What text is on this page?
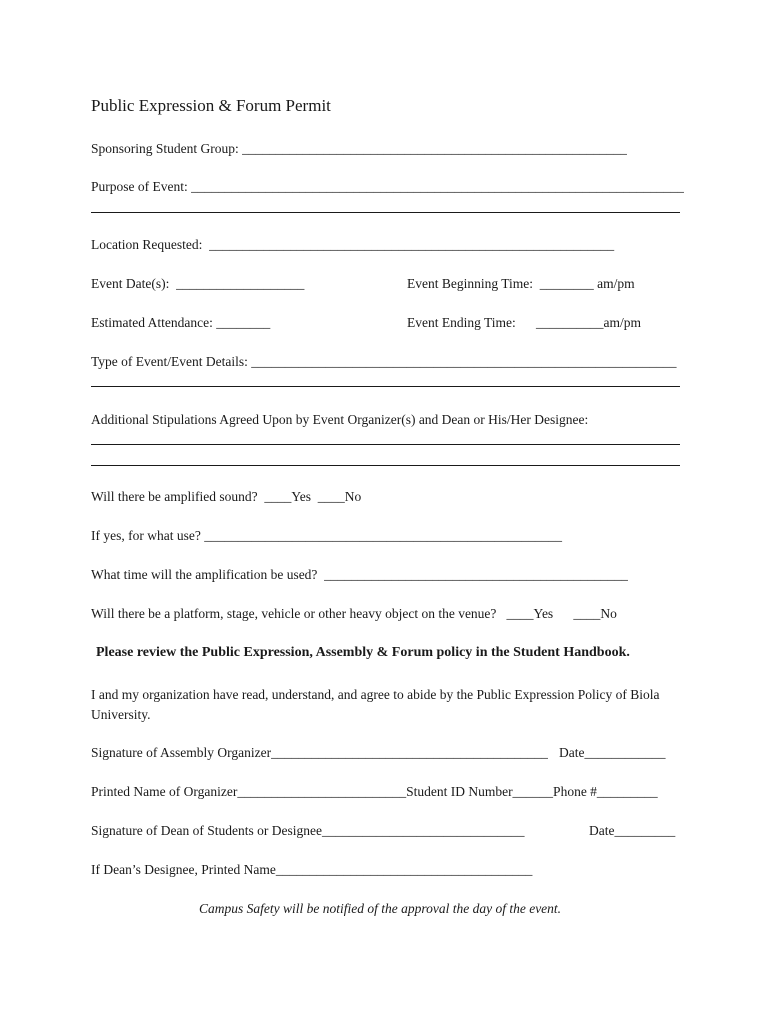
Public Expression & Forum Permit
Sponsoring Student Group: _________________________________________________________
Purpose of Event: _________________________________________________________________________
Location Requested:  ____________________________________________________________
Event Date(s):  ___________________	Event Beginning Time:  ________ am/pm
Estimated Attendance: ________	Event Ending Time:      __________am/pm
Type of Event/Event Details: _______________________________________________________________
Additional Stipulations Agreed Upon by Event Organizer(s) and Dean or His/Her Designee:
Will there be amplified sound?  ____Yes  ____No
If yes, for what use? _____________________________________________________
What time will the amplification be used?  _____________________________________________
Will there be a platform, stage, vehicle or other heavy object on the venue?   ____Yes      ____No
Please review the Public Expression, Assembly & Forum policy in the Student Handbook.
I and my organization have read, understand, and agree to abide by the Public Expression Policy of Biola
University.
Signature of Assembly Organizer_________________________________________ Date____________
Printed Name of Organizer_________________________Student ID Number______Phone #_________
Signature of Dean of Students or Designee______________________________	Date_________
If Dean’s Designee, Printed Name______________________________________
Campus Safety will be notified of the approval the day of the event.
